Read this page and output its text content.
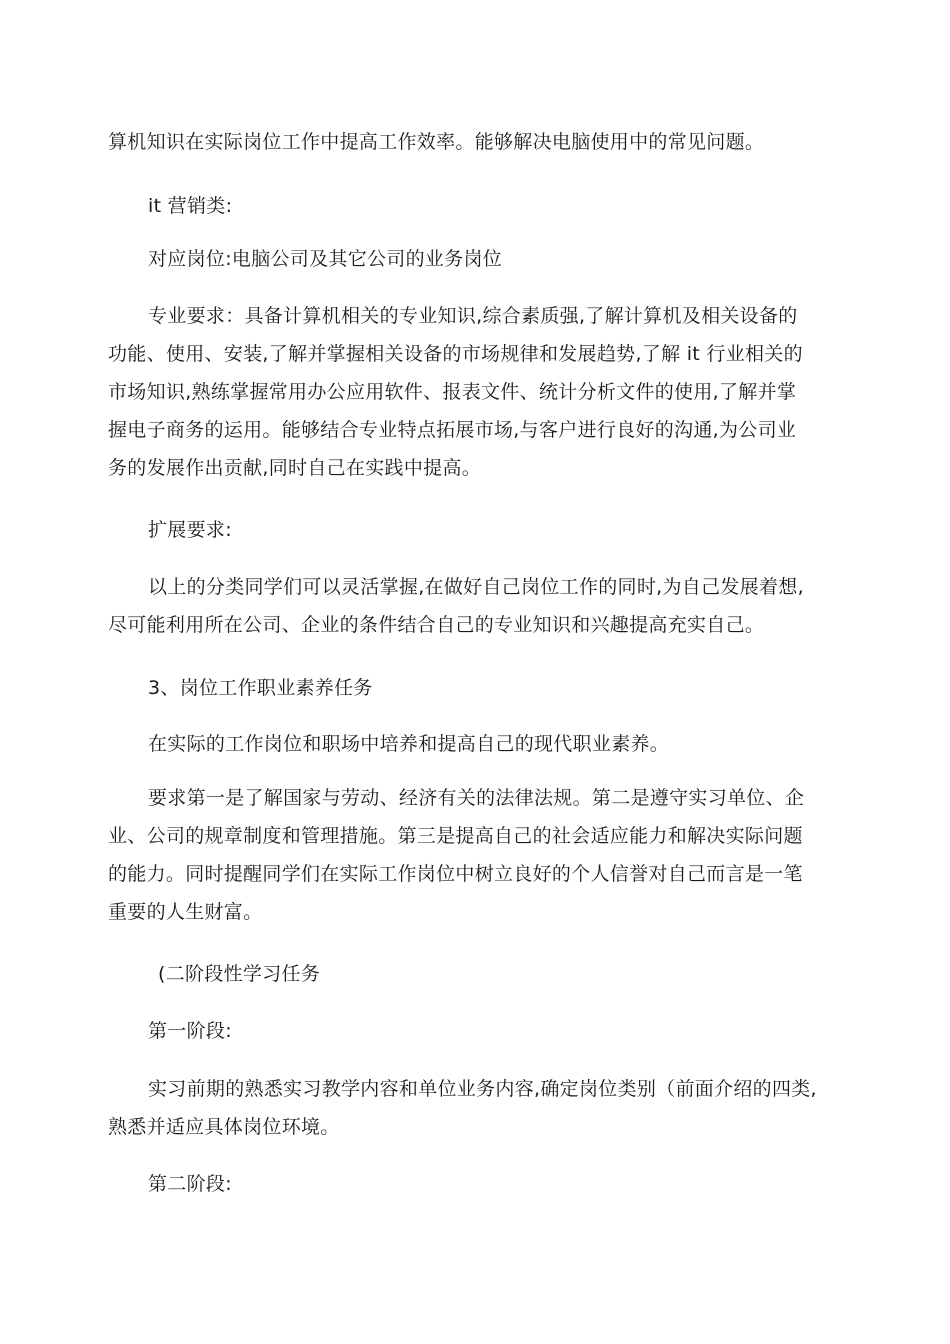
算机知识在实际岗位工作中提高工作效率。能够解决电脑使用中的常见问题。
it 营销类:
对应岗位:电脑公司及其它公司的业务岗位
专业要求：具备计算机相关的专业知识,综合素质强,了解计算机及相关设备的
功能、使用、安装,了解并掌握相关设备的市场规律和发展趋势,了解 it 行业相关的
市场知识,熟练掌握常用办公应用软件、报表文件、统计分析文件的使用,了解并掌
握电子商务的运用。能够结合专业特点拓展市场,与客户进行良好的沟通,为公司业
务的发展作出贡献,同时自己在实践中提高。
扩展要求:
以上的分类同学们可以灵活掌握,在做好自己岗位工作的同时,为自己发展着想,
尽可能利用所在公司、企业的条件结合自己的专业知识和兴趣提高充实自己。
3、岗位工作职业素养任务
在实际的工作岗位和职场中培养和提高自己的现代职业素养。
要求第一是了解国家与劳动、经济有关的法律法规。第二是遵守实习单位、企
业、公司的规章制度和管理措施。第三是提高自己的社会适应能力和解决实际问题
的能力。同时提醒同学们在实际工作岗位中树立良好的个人信誉对自己而言是一笔
重要的人生财富。
(二阶段性学习任务
第一阶段:
实习前期的熟悉实习教学内容和单位业务内容,确定岗位类别（前面介绍的四类,
熟悉并适应具体岗位环境。
第二阶段:
